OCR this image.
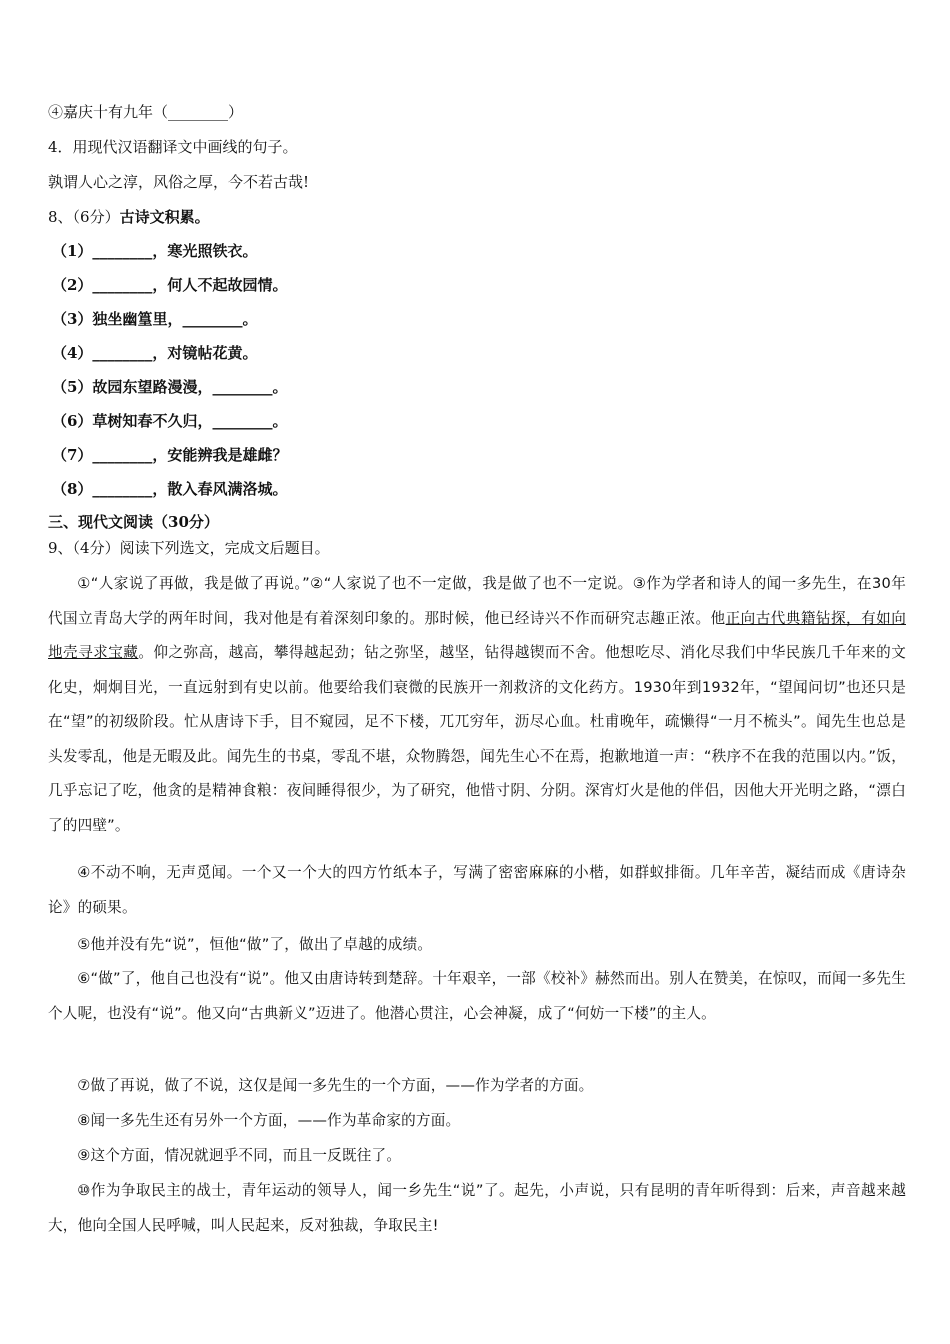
④嘉庆十有九年（________）
4．用现代汉语翻译文中画线的句子。
孰谓人心之淳，风俗之厚，今不若古哉!
8、（6分）古诗文积累。
（1）________，寒光照铁衣。
（2）________，何人不起故园情。
（3）独坐幽篁里，________。
（4）________，对镜帖花黄。
（5）故园东望路漫漫，________。
（6）草树知春不久归，________。
（7）________，安能辨我是雄雌？
（8）________，散入春风满洛城。
三、现代文阅读（30分）
9、（4分）阅读下列选文，完成文后题目。
①“人家说了再做，我是做了再说。”②“人家说了也不一定做，我是做了也不一定说。③作为学者和诗人的闻一多先生，在30年代国立青岛大学的两年时间，我对他是有着深刻印象的。那时候，他已经诗兴不作而研究志趣正浓。他正向古代典籍钻探，有如向地壳寻求宝藏。仰之弥高，越高，攀得越起劲；钻之弥坚，越坚，钻得越锲而不舍。他想吃尽、消化尽我们中华民族几千年来的文化史，炯炯目光，一直远射到有史以前。他要给我们衰微的民族开一剂救济的文化药方。1930年到1932年，“望闻问切”也还只是在“望”的初级阶段。忙从唐诗下手，目不窥园，足不下楼，兀兀穷年，沥尽心血。杜甫晚年，疏懒得“一月不梳头”。闻先生也总是头发零乱，他是无暇及此。闻先生的书桌，零乱不堪，众物腾怨，闻先生心不在焉，抱歉地道一声：“秩序不在我的范围以内。”饭，几乎忘记了吃，他贪的是精神食粮：夜间睡得很少，为了研究，他惜寸阴、分阴。深宵灯火是他的伴侣，因他大开光明之路，“漂白了的四壁”。
④不动不响，无声觅闻。一个又一个大的四方竹纸本子，写满了密密麻麻的小楷，如群蚁排衙。几年辛苦，凝结而成《唐诗杂论》的硕果。
⑤他并没有先“说”，恒他“做”了，做出了卓越的成绩。
⑥“做”了，他自己也没有“说”。他又由唐诗转到楚辞。十年艰辛，一部《校补》赫然而出。别人在赞美，在惊叹，而闻一多先生个人呢，也没有“说”。他又向“古典新义”迈进了。他潜心贯注，心会神凝，成了“何妨一下楼”的主人。
⑦做了再说，做了不说，这仅是闻一多先生的一个方面，——作为学者的方面。
⑧闻一多先生还有另外一个方面，——作为革命家的方面。
⑨这个方面，情况就迥乎不同，而且一反既往了。
⑩作为争取民主的战士，青年运动的领导人，闻一乡先生“说”了。起先，小声说，只有昆明的青年听得到：后来，声音越来越大，他向全国人民呼喊，叫人民起来，反对独裁，争取民主!
